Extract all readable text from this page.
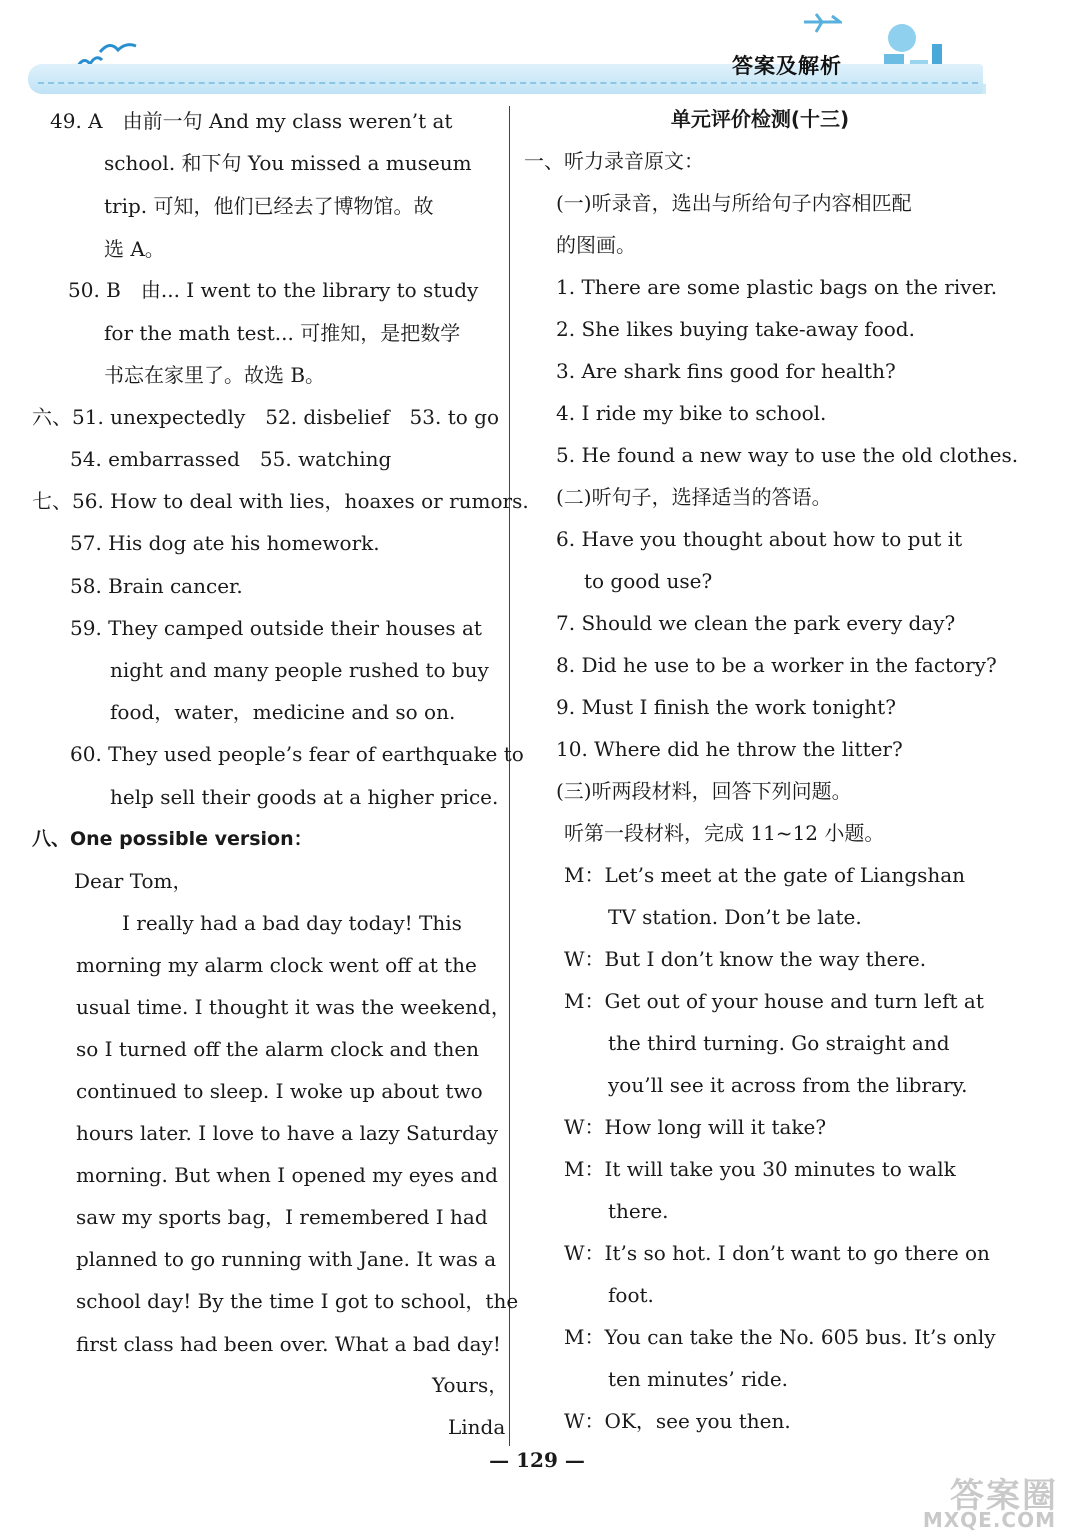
答案及解析
49. A　由前一句 And my class weren’t at
school. 和下句 You missed a museum
trip. 可知，他们已经去了博物馆。故
选 A。
50. B　由... I went to the library to study
for the math test... 可推知，是把数学
书忘在家里了。故选 B。
六、51. unexpectedly　52. disbelief　53. to go
54. embarrassed　55. watching
七、56. How to deal with lies，hoaxes or rumors.
57. His dog ate his homework.
58. Brain cancer.
59. They camped outside their houses at
night and many people rushed to buy
food，water，medicine and so on.
60. They used people’s fear of earthquake to
help sell their goods at a higher price.
八、One possible version：
Dear Tom，
I really had a bad day today! This
morning my alarm clock went off at the
usual time. I thought it was the weekend，
so I turned off the alarm clock and then
continued to sleep. I woke up about two
hours later. I love to have a lazy Saturday
morning. But when I opened my eyes and
saw my sports bag，I remembered I had
planned to go running with Jane. It was a
school day! By the time I got to school，the
first class had been over. What a bad day!
Yours，
Linda
单元评价检测(十三)
一、听力录音原文：
(一)听录音，选出与所给句子内容相匹配
的图画。
1. There are some plastic bags on the river.
2. She likes buying take-away food.
3. Are shark fins good for health?
4. I ride my bike to school.
5. He found a new way to use the old clothes.
(二)听句子，选择适当的答语。
6. Have you thought about how to put it
to good use?
7. Should we clean the park every day?
8. Did he use to be a worker in the factory?
9. Must I finish the work tonight?
10. Where did he throw the litter?
(三)听两段材料，回答下列问题。
听第一段材料，完成 11~12 小题。
M：Let’s meet at the gate of Liangshan
TV station. Don’t be late.
W：But I don’t know the way there.
M：Get out of your house and turn left at
the third turning. Go straight and
you’ll see it across from the library.
W：How long will it take?
M：It will take you 30 minutes to walk
there.
W：It’s so hot. I don’t want to go there on
foot.
M：You can take the No. 605 bus. It’s only
ten minutes’ ride.
W：OK，see you then.
— 129 —
答案圈
MXQE.COM
